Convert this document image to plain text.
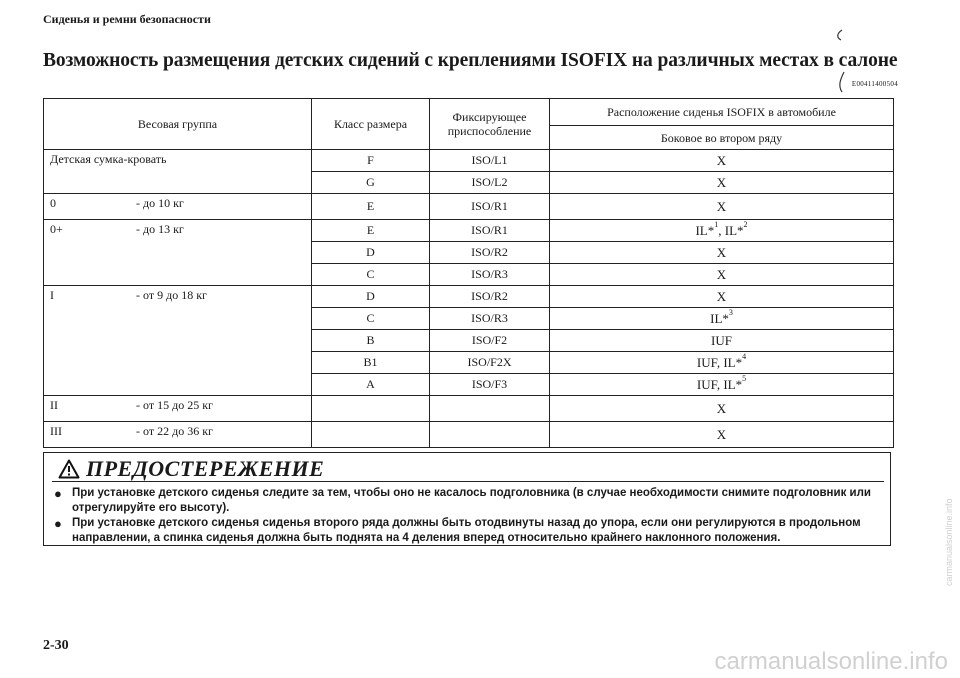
Сиденья и ремни безопасности
Возможность размещения детских сидений с креплениями ISOFIX на различных местах в салоне
E00411400504
Весовая группа	Класс размера	Фиксирующее приспособление	Расположение сиденья ISOFIX в автомобиле
			Боковое во втором ряду
Детская сумка-кровать	F	ISO/L1	X
	G	ISO/L2	X
0 - до 10 кг	E	ISO/R1	X
0+ - до 13 кг	E	ISO/R1	IL*$^1$, IL*$^2$
	D	ISO/R2	X
	C	ISO/R3	X
I - от 9 до 18 кг	D	ISO/R2	X
	C	ISO/R3	IL*$^3$
	B	ISO/F2	IUF
	B1	ISO/F2X	IUF, IL*$^4$
	A	ISO/F3	IUF, IL*$^5$
II - от 15 до 25 кг			X
III - от 22 до 36 кг			X
ПРЕДОСТЕРЕЖЕНИЕ
● При установке детского сиденья следите за тем, чтобы оно не касалось подголовника (в случае необходимости снимите подголовник или отрегулируйте его высоту).
● При установке детского сиденья сиденья второго ряда должны быть отодвинуты назад до упора, если они регулируются в продольном направлении, а спинка сиденья должна быть поднята на 4 деления вперед относительно крайнего наклонного положения.
2-30
carmanualsonline.info
carmanualsonline.info
